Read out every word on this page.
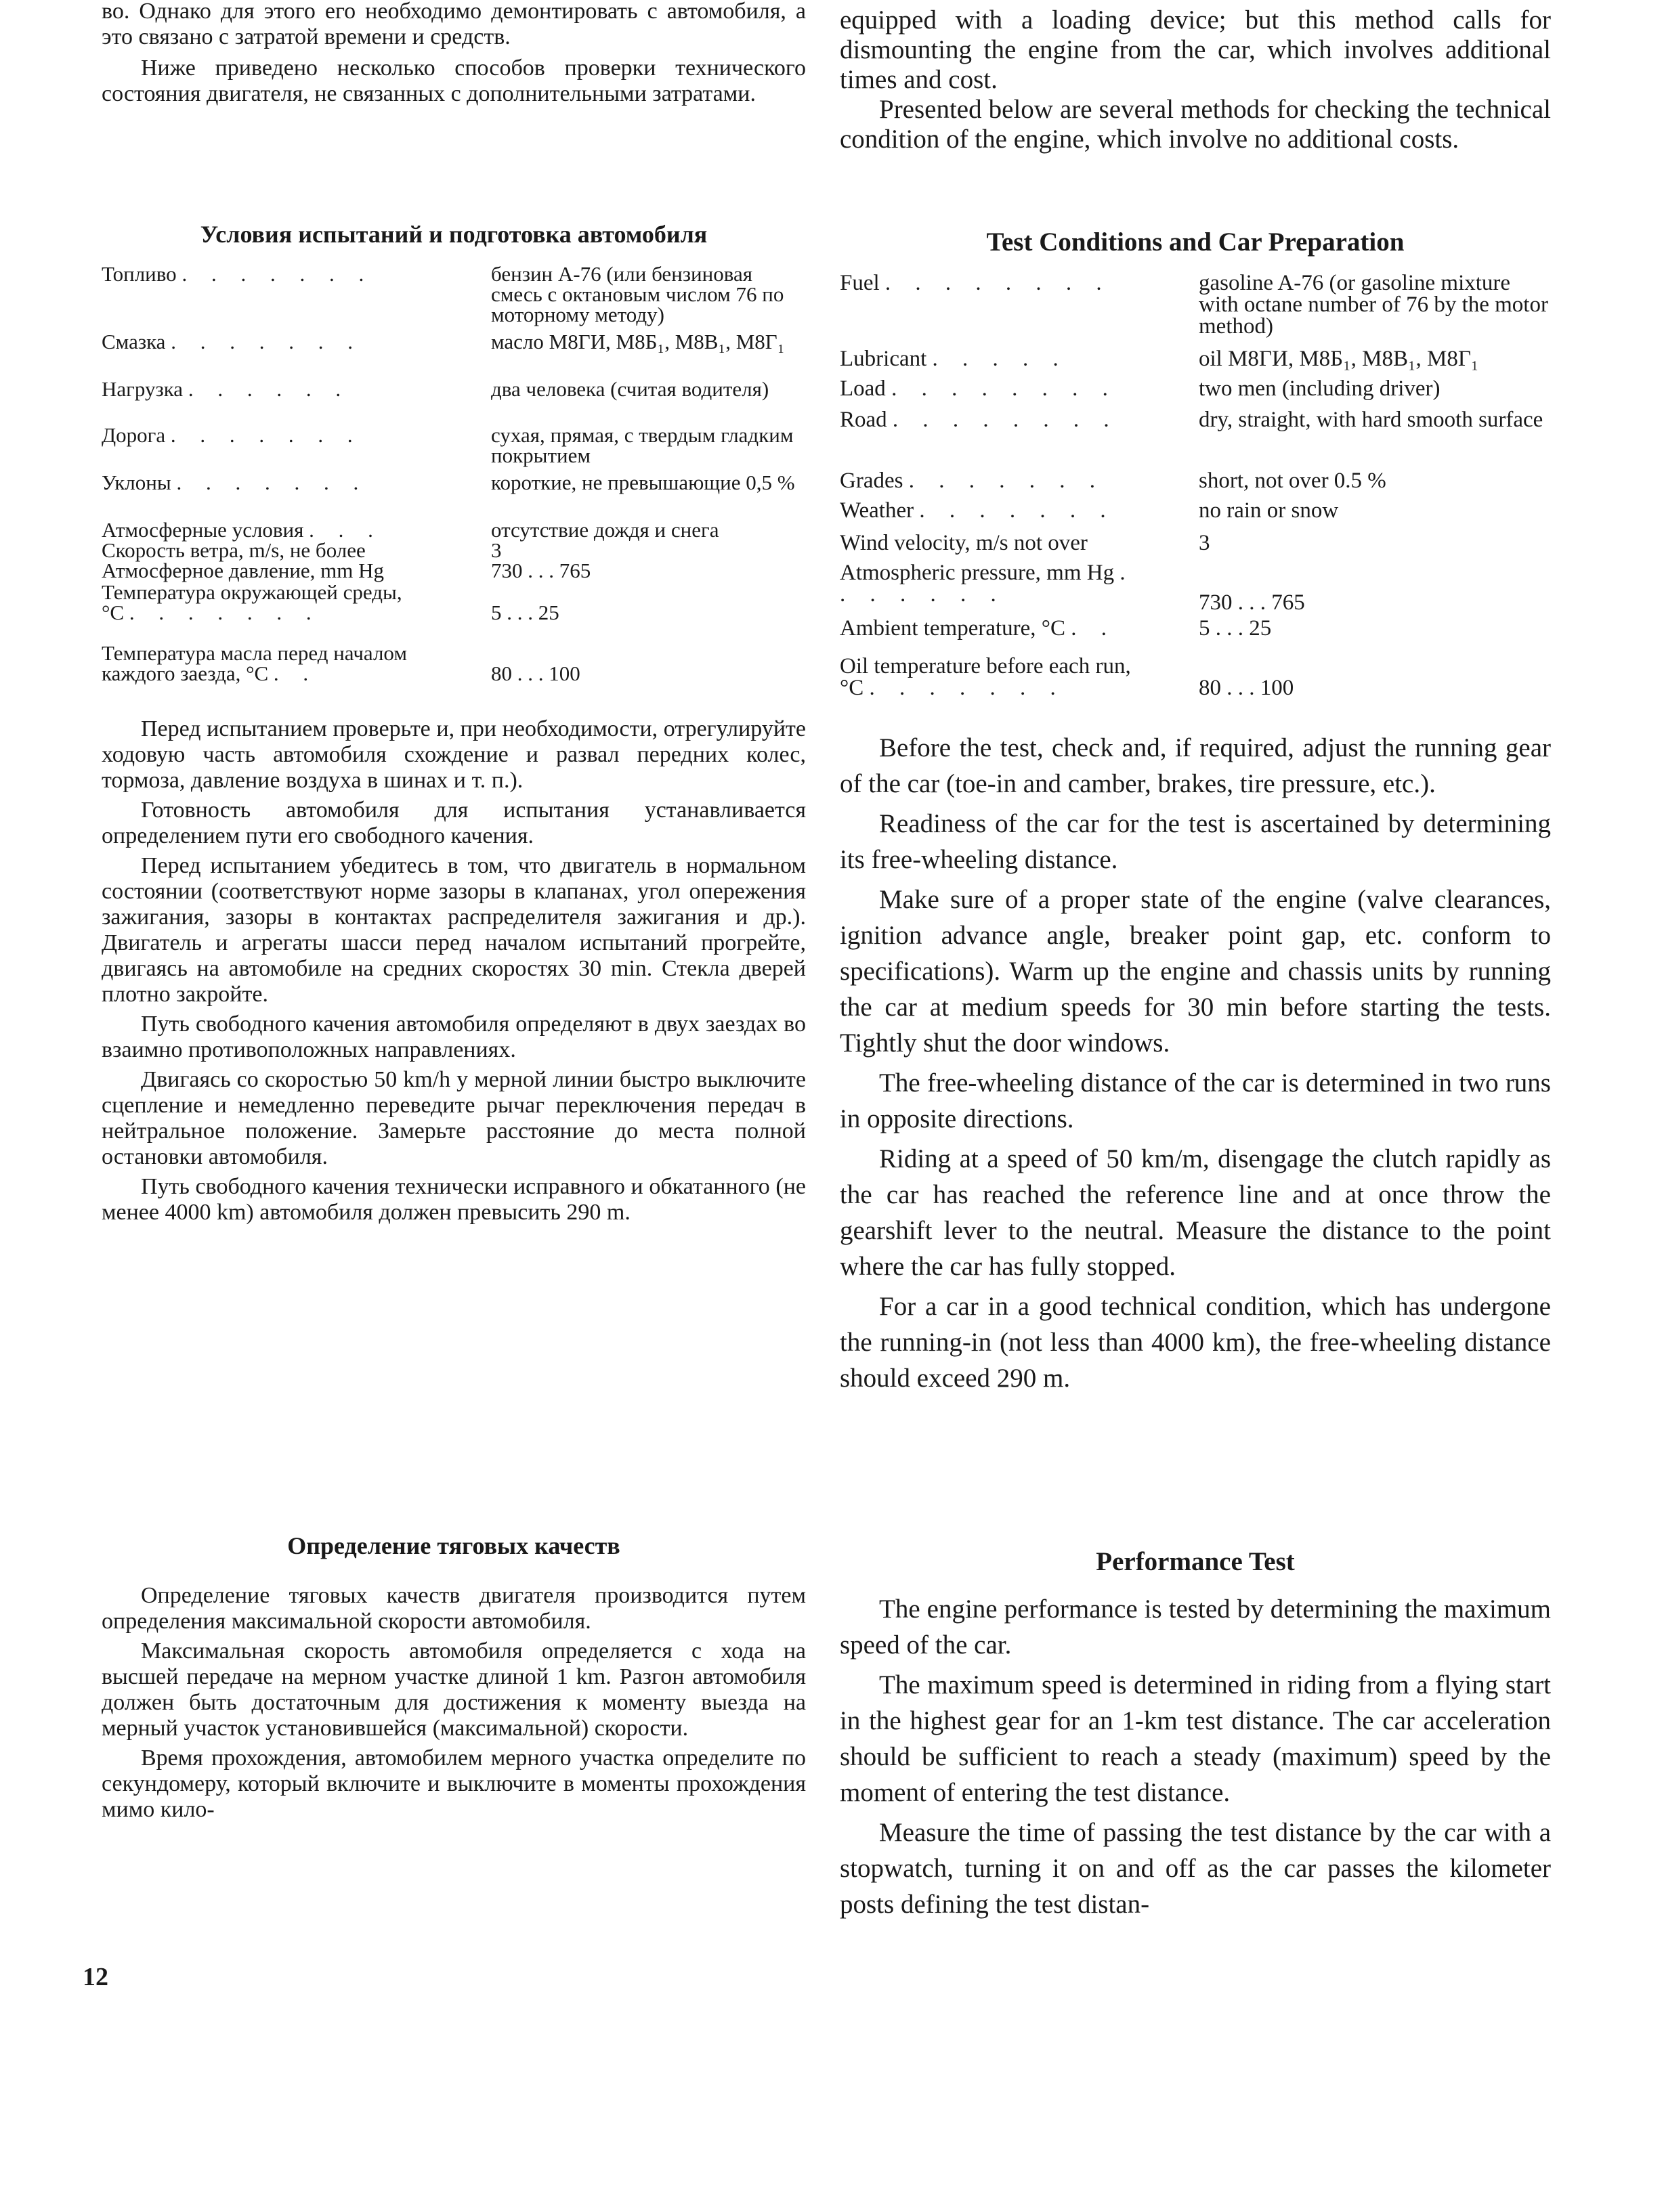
во. Однако для этого его необходимо демонтировать с автомобиля, а это связано с затратой времени и средств.

Ниже приведено несколько способов проверки технического состояния двигателя, не связанных с дополнительными затратами.

Условия испытаний и подготовка автомобиля
Топливо . . . . . . .	бензин А-76 (или бензиновая смесь с октановым числом 76 по моторному методу)
Смазка . . . . . . .	масло М8ГИ, М8Б₁, М8В₁, М8Г₁
Нагрузка . . . . . .	два человека (считая водителя)
Дорога . . . . . . .	сухая, прямая, с твердым гладким покрытием
Уклоны . . . . . . .	короткие, не превышающие 0,5 %
Атмосферные условия . . .	отсутствие дождя и снега
Скорость ветра, m/s, не более	3
Атмосферное давление, mm Hg	730 . . . 765
Температура окружающей среды, °С . . . . . . .	5 . . . 25
Температура масла перед началом каждого заезда, °С . .	80 . . . 100

Перед испытанием проверьте и, при необходимости, отрегулируйте ходовую часть автомобиля схождение и развал передних колес, тормоза, давление воздуха в шинах и т. п.).

Готовность автомобиля для испытания устанавливается определением пути его свободного качения.

Перед испытанием убедитесь в том, что двигатель в нормальном состоянии (соответствуют норме зазоры в клапанах, угол опережения зажигания, зазоры в контактах распределителя зажигания и др.). Двигатель и агрегаты шасси перед началом испытаний прогрейте, двигаясь на автомобиле на средних скоростях 30 min. Стекла дверей плотно закройте.

Путь свободного качения автомобиля определяют в двух заездах во взаимно противоположных направлениях.

Двигаясь со скоростью 50 km/h у мерной линии быстро выключите сцепление и немедленно переведите рычаг переключения передач в нейтральное положение. Замерьте расстояние до места полной остановки автомобиля.

Путь свободного качения технически исправного и обкатанного (не менее 4000 km) автомобиля должен превысить 290 m.

Определение тяговых качеств

Определение тяговых качеств двигателя производится путем определения максимальной скорости автомобиля.

Максимальная скорость автомобиля определяется с хода на высшей передаче на мерном участке длиной 1 km. Разгон автомобиля должен быть достаточным для достижения к моменту выезда на мерный участок установившейся (максимальной) скорости.

Время прохождения, автомобилем мерного участка определите по секундомеру, который включите и выключите в моменты прохождения мимо кило-

equipped with a loading device; but this method calls for dismounting the engine from the car, which involves additional times and cost.

Presented below are several methods for checking the technical condition of the engine, which involve no additional costs.

Test Conditions and Car Preparation
Fuel . . . . . . . .	gasoline A-76 (or gasoline mixture with octane number of 76 by the motor method)
Lubricant . . . . .	oil М8ГИ, М8Б₁, М8В₁, М8Г₁
Load . . . . . . . .	two men (including driver)
Road . . . . . . . .	dry, straight, with hard smooth surface
Grades . . . . . . .	short, not over 0.5 %
Weather . . . . . . .	no rain or snow
Wind velocity, m/s not over	3
Atmospheric pressure, mm Hg . . . . . . .	730 . . . 765
Ambient temperature, °C . .	5 . . . 25
Oil temperature before each run, °C . . . . . . .	80 . . . 100

Before the test, check and, if required, adjust the running gear of the car (toe-in and camber, brakes, tire pressure, etc.).

Readiness of the car for the test is ascertained by determining its free-wheeling distance.

Make sure of a proper state of the engine (valve clearances, ignition advance angle, breaker point gap, etc. conform to specifications). Warm up the engine and chassis units by running the car at medium speeds for 30 min before starting the tests. Tightly shut the door windows.

The free-wheeling distance of the car is determined in two runs in opposite directions.

Riding at a speed of 50 km/m, disengage the clutch rapidly as the car has reached the reference line and at once throw the gearshift lever to the neutral. Measure the distance to the point where the car has fully stopped.

For a car in a good technical condition, which has undergone the running-in (not less than 4000 km), the free-wheeling distance should exceed 290 m.

Performance Test

The engine performance is tested by determining the maximum speed of the car.

The maximum speed is determined in riding from a flying start in the highest gear for an 1-km test distance. The car acceleration should be sufficient to reach a steady (maximum) speed by the moment of entering the test distance.

Measure the time of passing the test distance by the car with a stopwatch, turning it on and off as the car passes the kilometer posts defining the test distan-

12
